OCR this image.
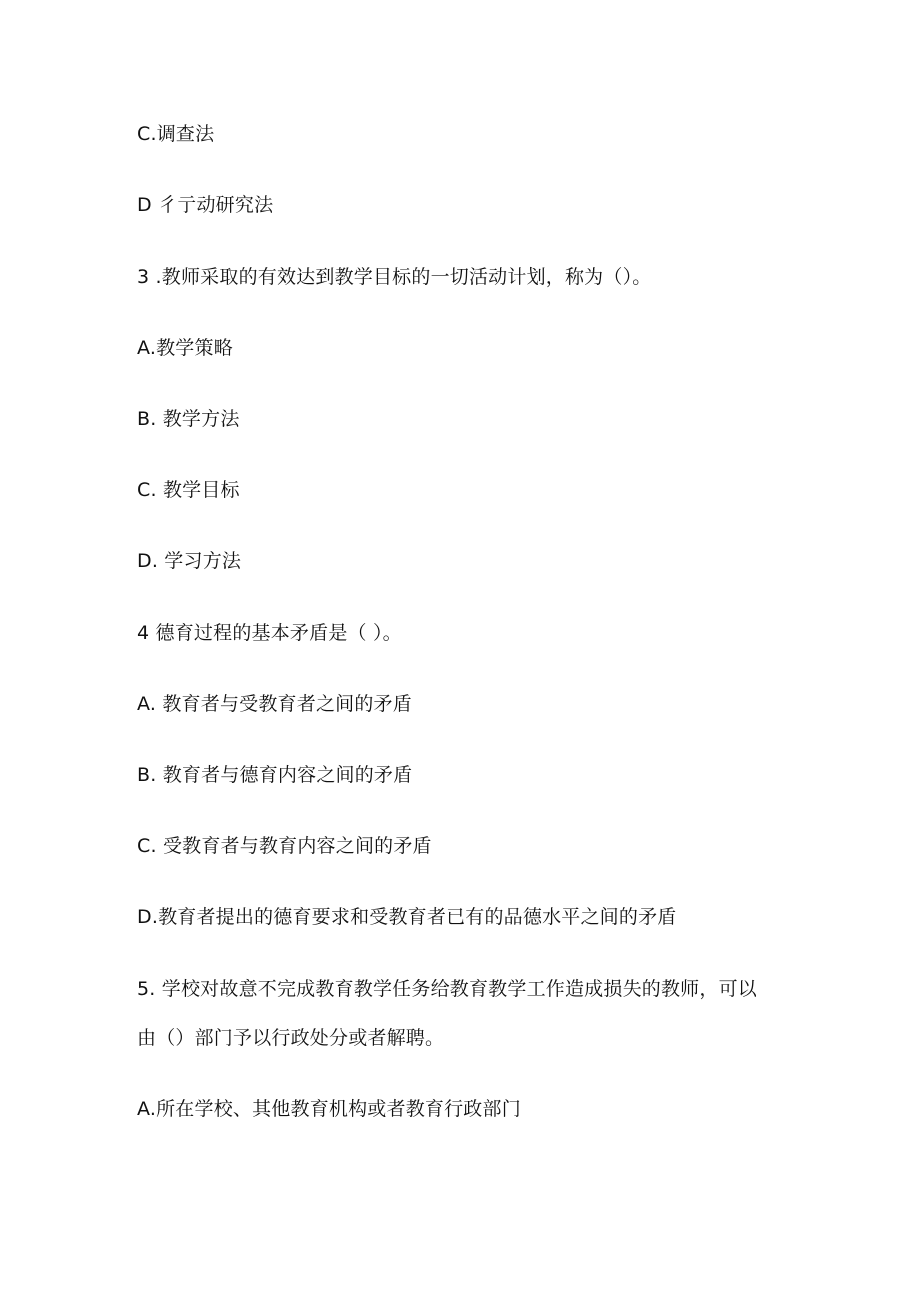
C.调查法
D 彳亍动研究法
3 .教师采取的有效达到教学目标的一切活动计划，称为（）。
A.教学策略
B. 教学方法
C. 教学目标
D. 学习方法
4 德育过程的基本矛盾是（ ）。
A. 教育者与受教育者之间的矛盾
B. 教育者与德育内容之间的矛盾
C. 受教育者与教育内容之间的矛盾
D.教育者提出的德育要求和受教育者已有的品德水平之间的矛盾
5. 学校对故意不完成教育教学任务给教育教学工作造成损失的教师，可以
由（）部门予以行政处分或者解聘。
A.所在学校、其他教育机构或者教育行政部门
